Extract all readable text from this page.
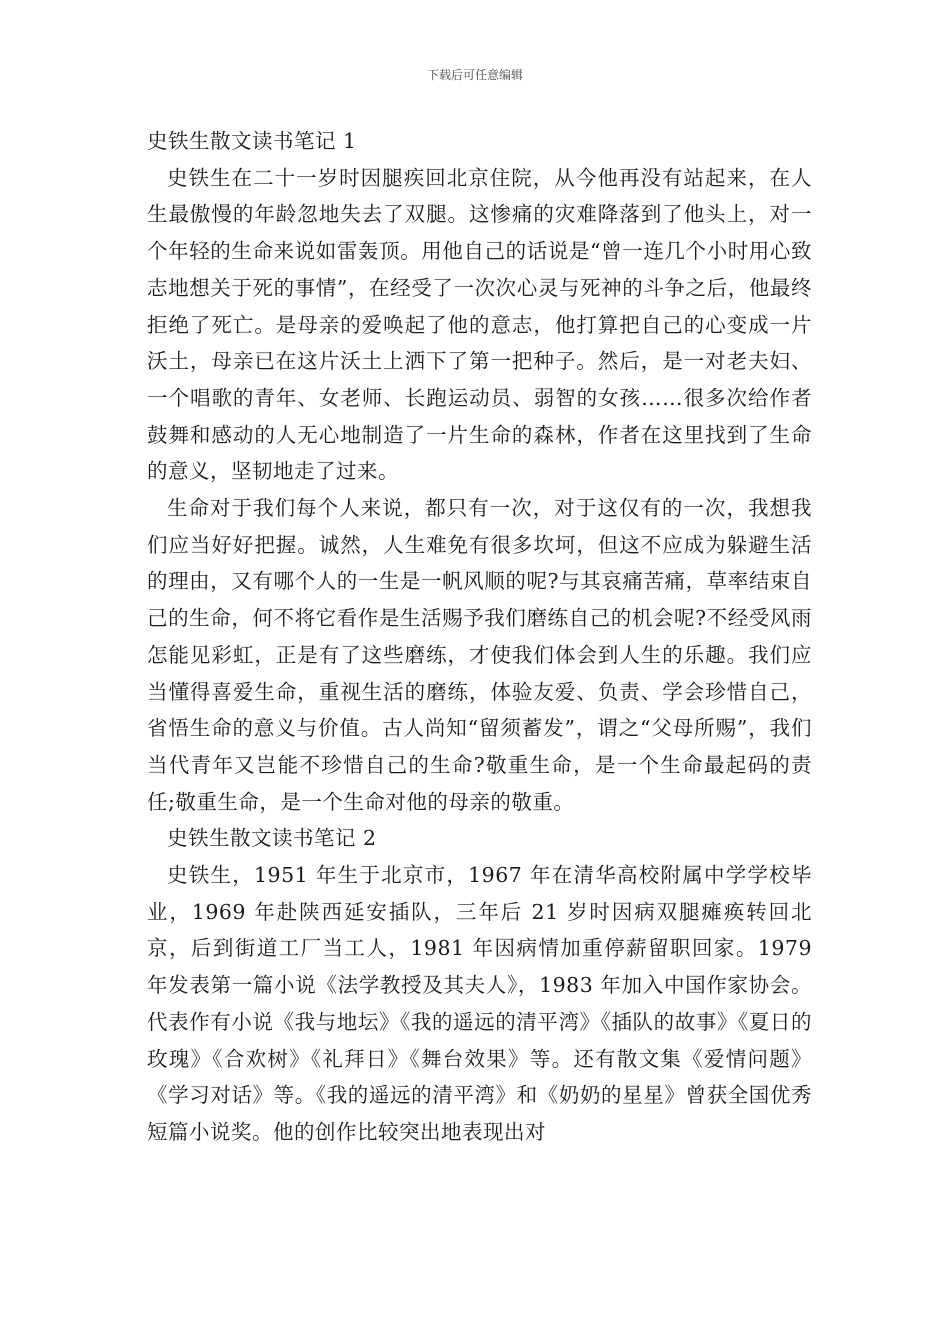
下载后可任意编辑

史铁生散文读书笔记 1

史铁生在二十一岁时因腿疾回北京住院，从今他再没有站起来，在人生最傲慢的年龄忽地失去了双腿。这惨痛的灾难降落到了他头上，对一个年轻的生命来说如雷轰顶。用他自己的话说是“曾一连几个小时用心致志地想关于死的事情”，在经受了一次次心灵与死神的斗争之后，他最终拒绝了死亡。是母亲的爱唤起了他的意志，他打算把自己的心变成一片沃土，母亲已在这片沃土上洒下了第一把种子。然后，是一对老夫妇、一个唱歌的青年、女老师、长跑运动员、弱智的女孩……很多次给作者鼓舞和感动的人无心地制造了一片生命的森林，作者在这里找到了生命的意义，坚韧地走了过来。

生命对于我们每个人来说，都只有一次，对于这仅有的一次，我想我们应当好好把握。诚然，人生难免有很多坎坷，但这不应成为躲避生活的理由，又有哪个人的一生是一帆风顺的呢?与其哀痛苦痛，草率结束自己的生命，何不将它看作是生活赐予我们磨练自己的机会呢?不经受风雨怎能见彩虹，正是有了这些磨练，才使我们体会到人生的乐趣。我们应当懂得喜爱生命，重视生活的磨练，体验友爱、负责、学会珍惜自己，省悟生命的意义与价值。古人尚知“留须蓄发”，谓之“父母所赐”，我们当代青年又岂能不珍惜自己的生命?敬重生命，是一个生命最起码的责任;敬重生命，是一个生命对他的母亲的敬重。

史铁生散文读书笔记 2

史铁生，1951 年生于北京市，1967 年在清华高校附属中学学校毕业，1969 年赴陕西延安插队，三年后 21 岁时因病双腿瘫痪转回北京，后到街道工厂当工人，1981 年因病情加重停薪留职回家。1979 年发表第一篇小说《法学教授及其夫人》，1983 年加入中国作家协会。代表作有小说《我与地坛》《我的遥远的清平湾》《插队的故事》《夏日的玫瑰》《合欢树》《礼拜日》《舞台效果》等。还有散文集《爱情问题》《学习对话》等。《我的遥远的清平湾》和《奶奶的星星》曾获全国优秀短篇小说奖。他的创作比较突出地表现出对
